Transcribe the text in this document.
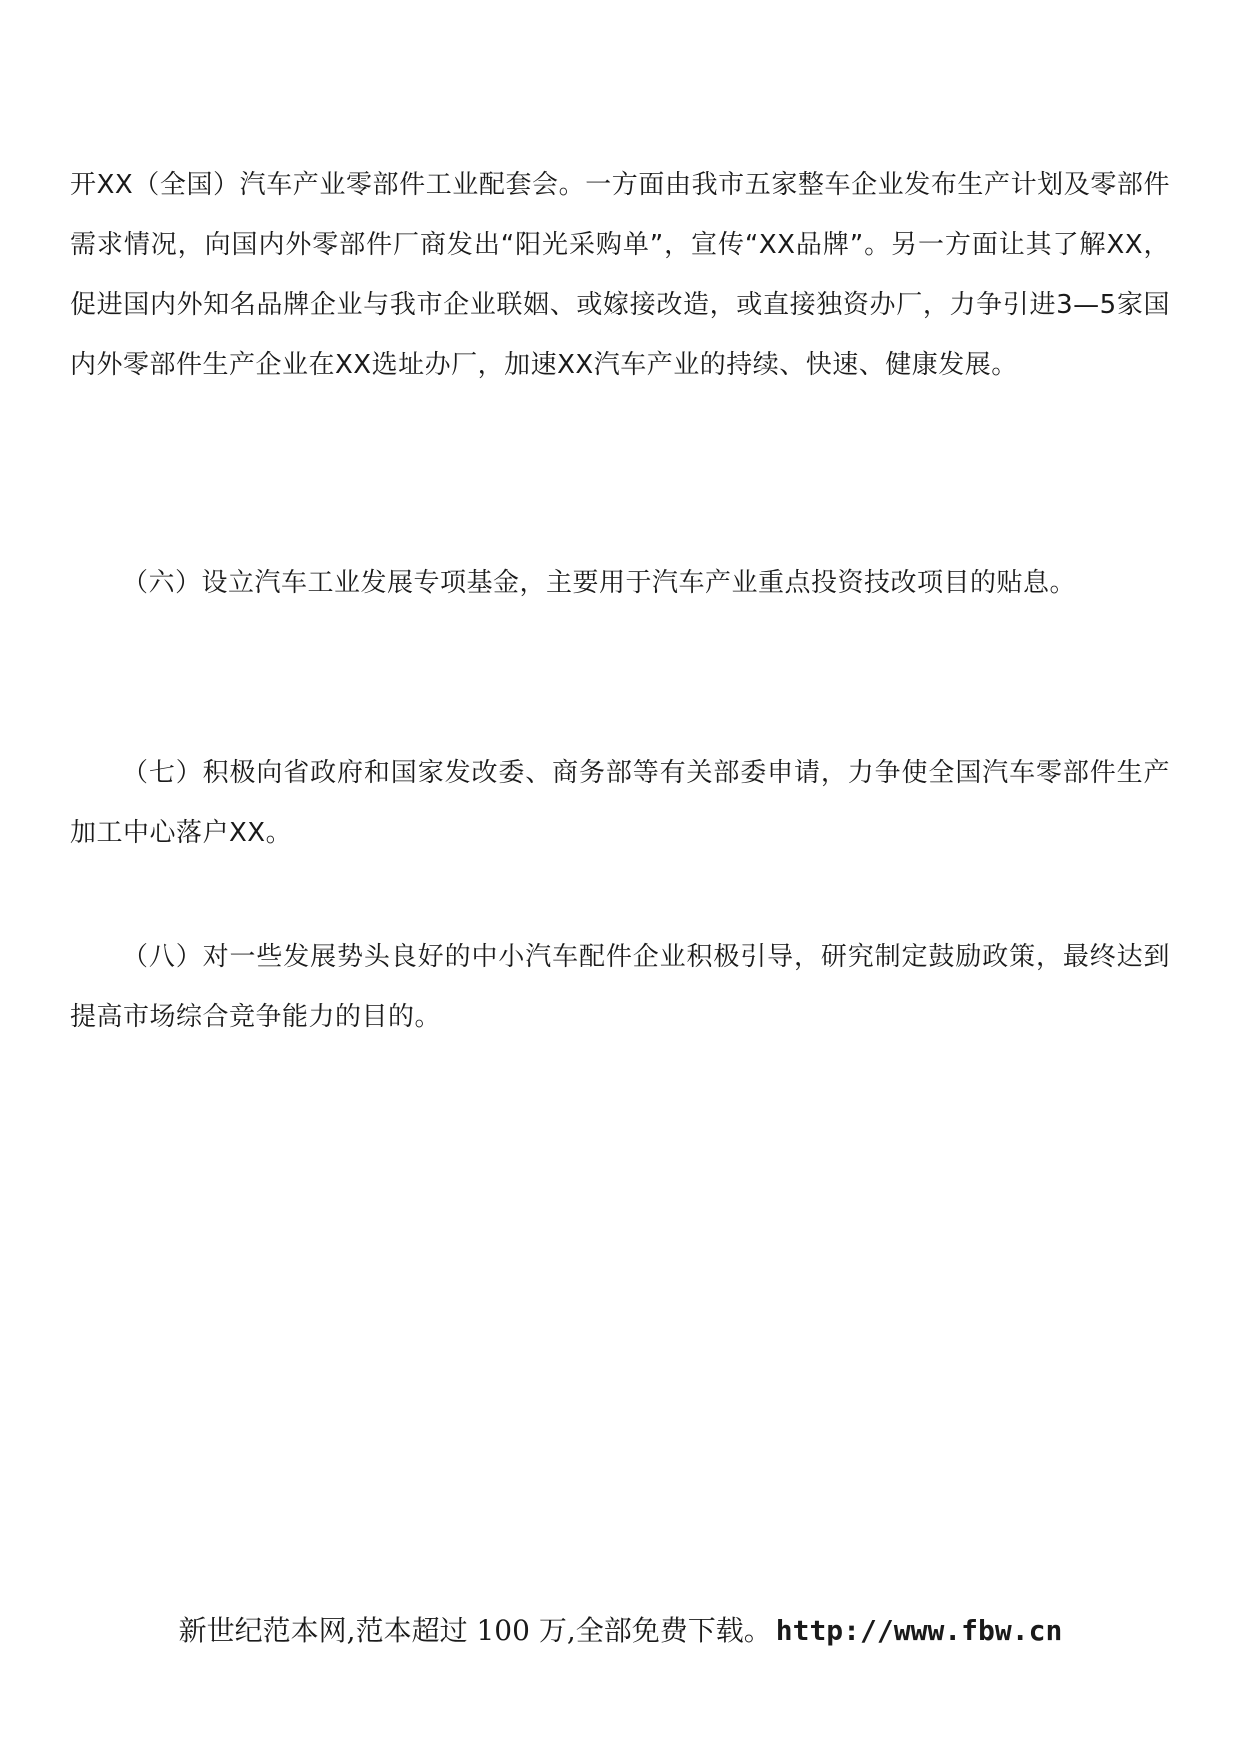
开XX（全国）汽车产业零部件工业配套会。一方面由我市五家整车企业发布生产计划及零部件需求情况，向国内外零部件厂商发出“阳光采购单”，宣传“XX品牌”。另一方面让其了解XX，促进国内外知名品牌企业与我市企业联姻、或嫁接改造，或直接独资办厂，力争引进3—5家国内外零部件生产企业在XX选址办厂，加速XX汽车产业的持续、快速、健康发展。

（六）设立汽车工业发展专项基金，主要用于汽车产业重点投资技改项目的贴息。

（七）积极向省政府和国家发改委、商务部等有关部委申请，力争使全国汽车零部件生产加工中心落户XX。

（八）对一些发展势头良好的中小汽车配件企业积极引导，研究制定鼓励政策，最终达到提高市场综合竞争能力的目的。

新世纪范本网,范本超过 100 万,全部免费下载。 http://www.fbw.cn
